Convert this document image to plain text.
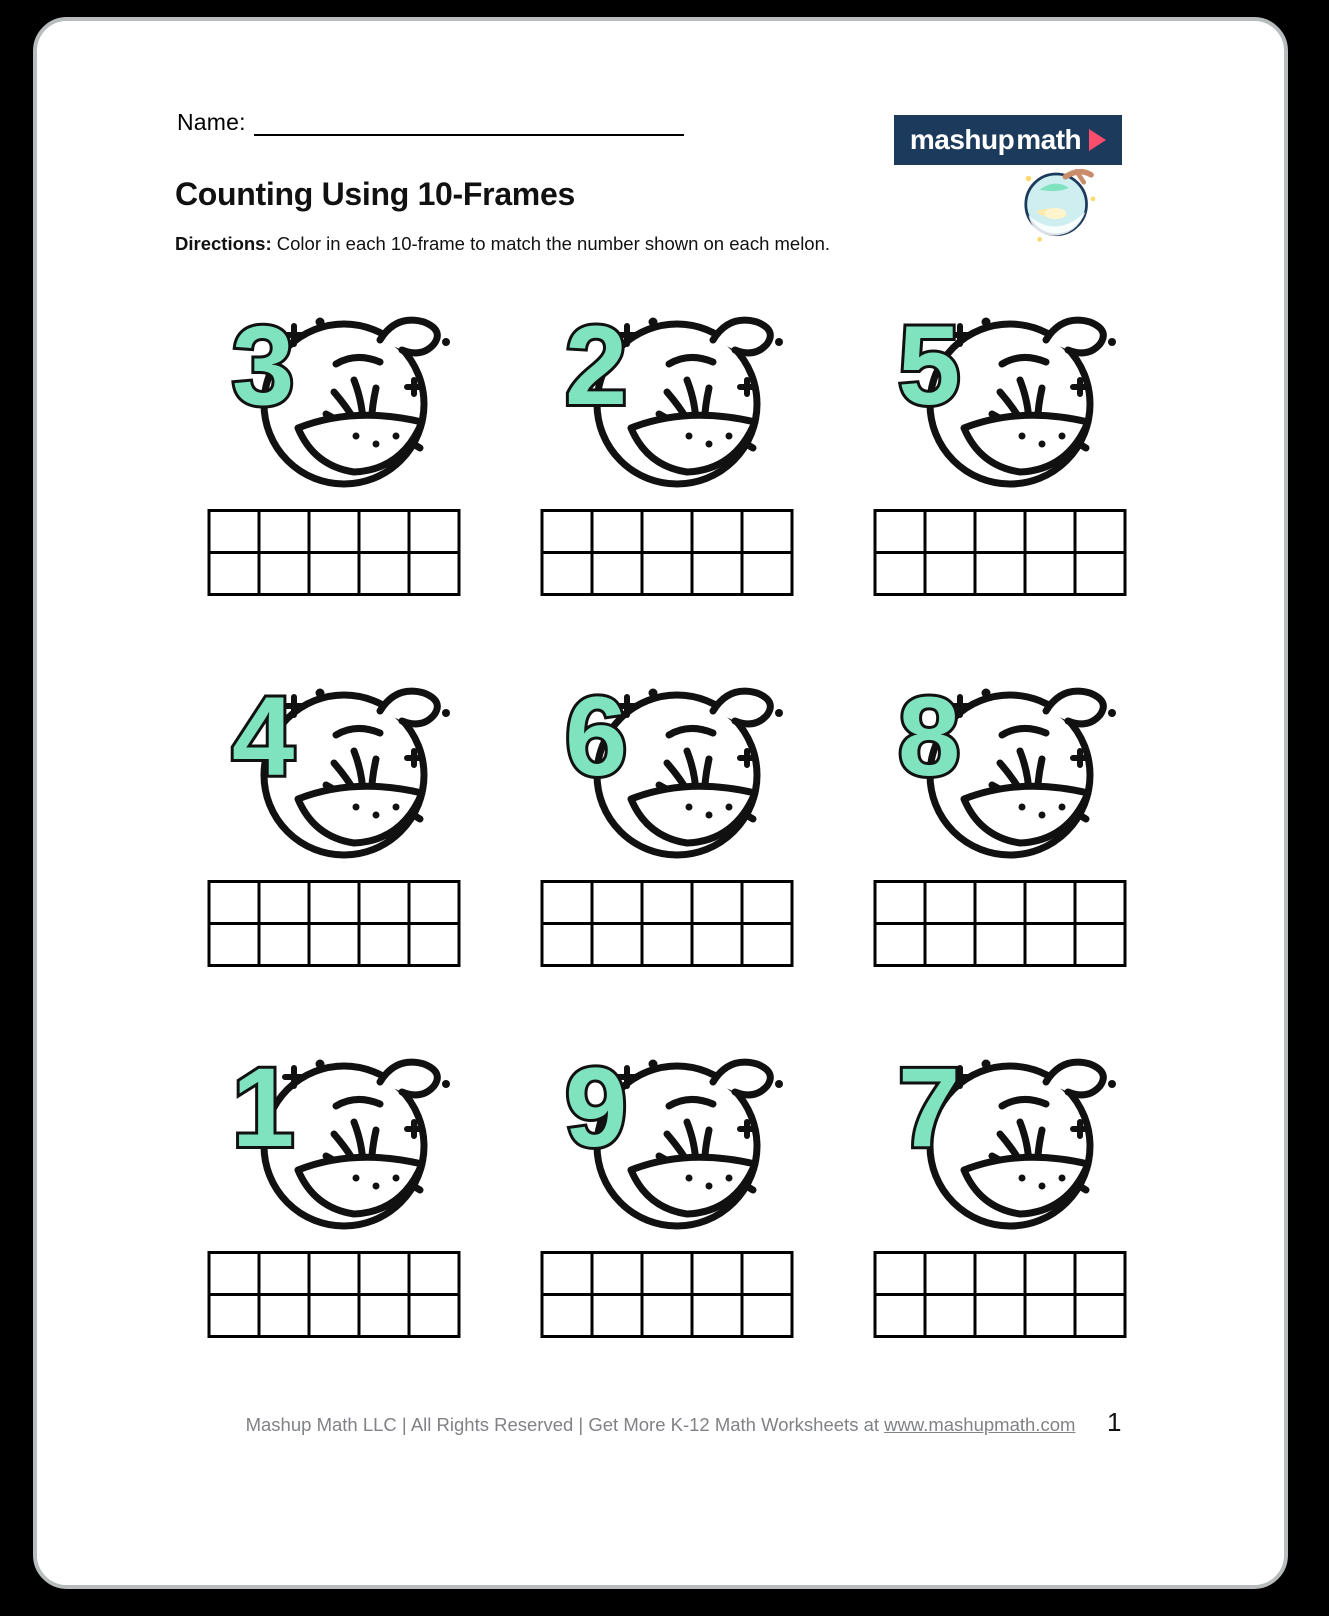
Name:
Counting Using 10-Frames
Directions: Color in each 10-frame to match the number shown on each melon.
mashup math
3 2 5
4 6 8
1 9 7
Mashup Math LLC | All Rights Reserved | Get More K-12 Math Worksheets at www.mashupmath.com	1
